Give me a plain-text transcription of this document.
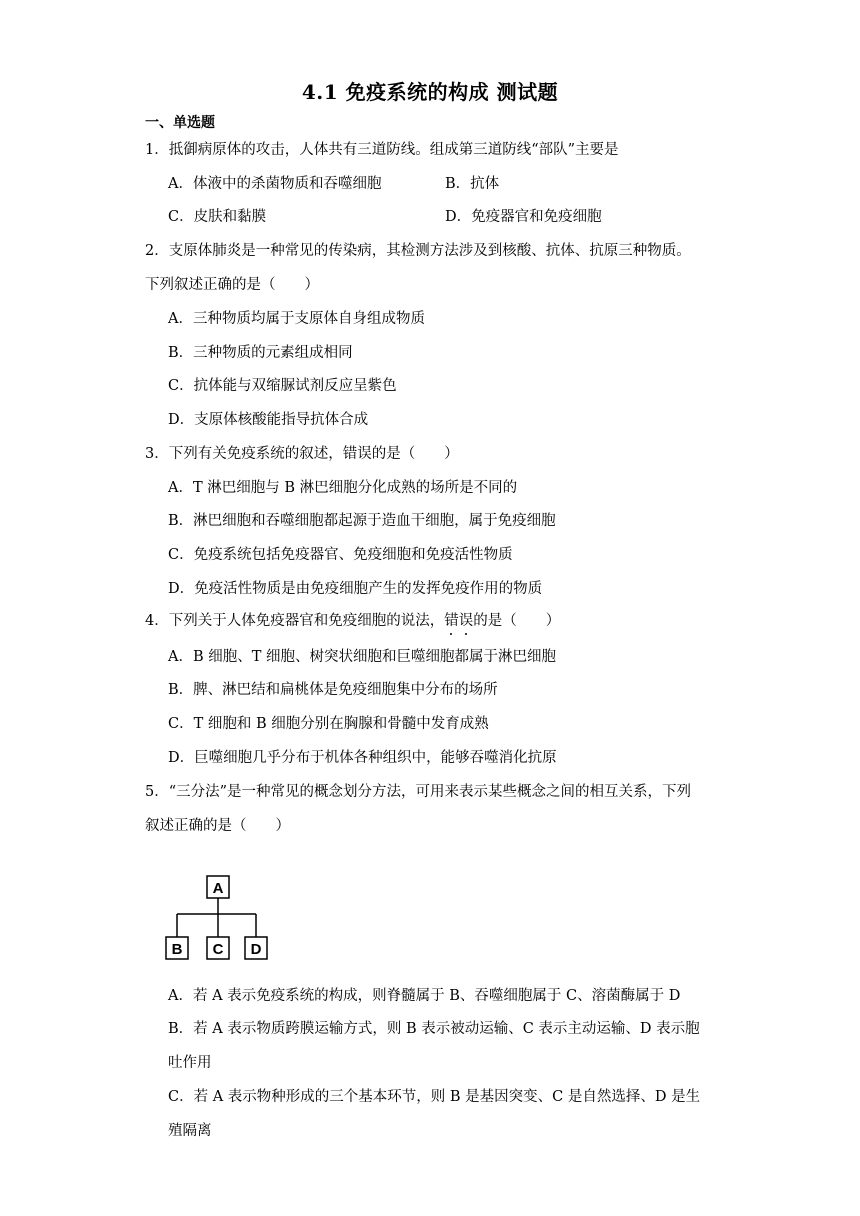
4.1 免疫系统的构成 测试题
一、单选题
1．抵御病原体的攻击，人体共有三道防线。组成第三道防线“部队”主要是
A．体液中的杀菌物质和吞噬细胞	B．抗体
C．皮肤和黏膜	D．免疫器官和免疫细胞
2．支原体肺炎是一种常见的传染病，其检测方法涉及到核酸、抗体、抗原三种物质。
下列叙述正确的是（　　）
A．三种物质均属于支原体自身组成物质
B．三种物质的元素组成相同
C．抗体能与双缩脲试剂反应呈紫色
D．支原体核酸能指导抗体合成
3．下列有关免疫系统的叙述，错误的是（　　）
A．T 淋巴细胞与 B 淋巴细胞分化成熟的场所是不同的
B．淋巴细胞和吞噬细胞都起源于造血干细胞，属于免疫细胞
C．免疫系统包括免疫器官、免疫细胞和免疫活性物质
D．免疫活性物质是由免疫细胞产生的发挥免疫作用的物质
4．下列关于人体免疫器官和免疫细胞的说法，错误的是（　　）
A．B 细胞、T 细胞、树突状细胞和巨噬细胞都属于淋巴细胞
B．脾、淋巴结和扁桃体是免疫细胞集中分布的场所
C．T 细胞和 B 细胞分别在胸腺和骨髓中发育成熟
D．巨噬细胞几乎分布于机体各种组织中，能够吞噬消化抗原
5．“三分法”是一种常见的概念划分方法，可用来表示某些概念之间的相互关系，下列
叙述正确的是（　　）
A
B C D
A．若 A 表示免疫系统的构成，则脊髓属于 B、吞噬细胞属于 C、溶菌酶属于 D
B．若 A 表示物质跨膜运输方式，则 B 表示被动运输、C 表示主动运输、D 表示胞
吐作用
C．若 A 表示物种形成的三个基本环节，则 B 是基因突变、C 是自然选择、D 是生
殖隔离
